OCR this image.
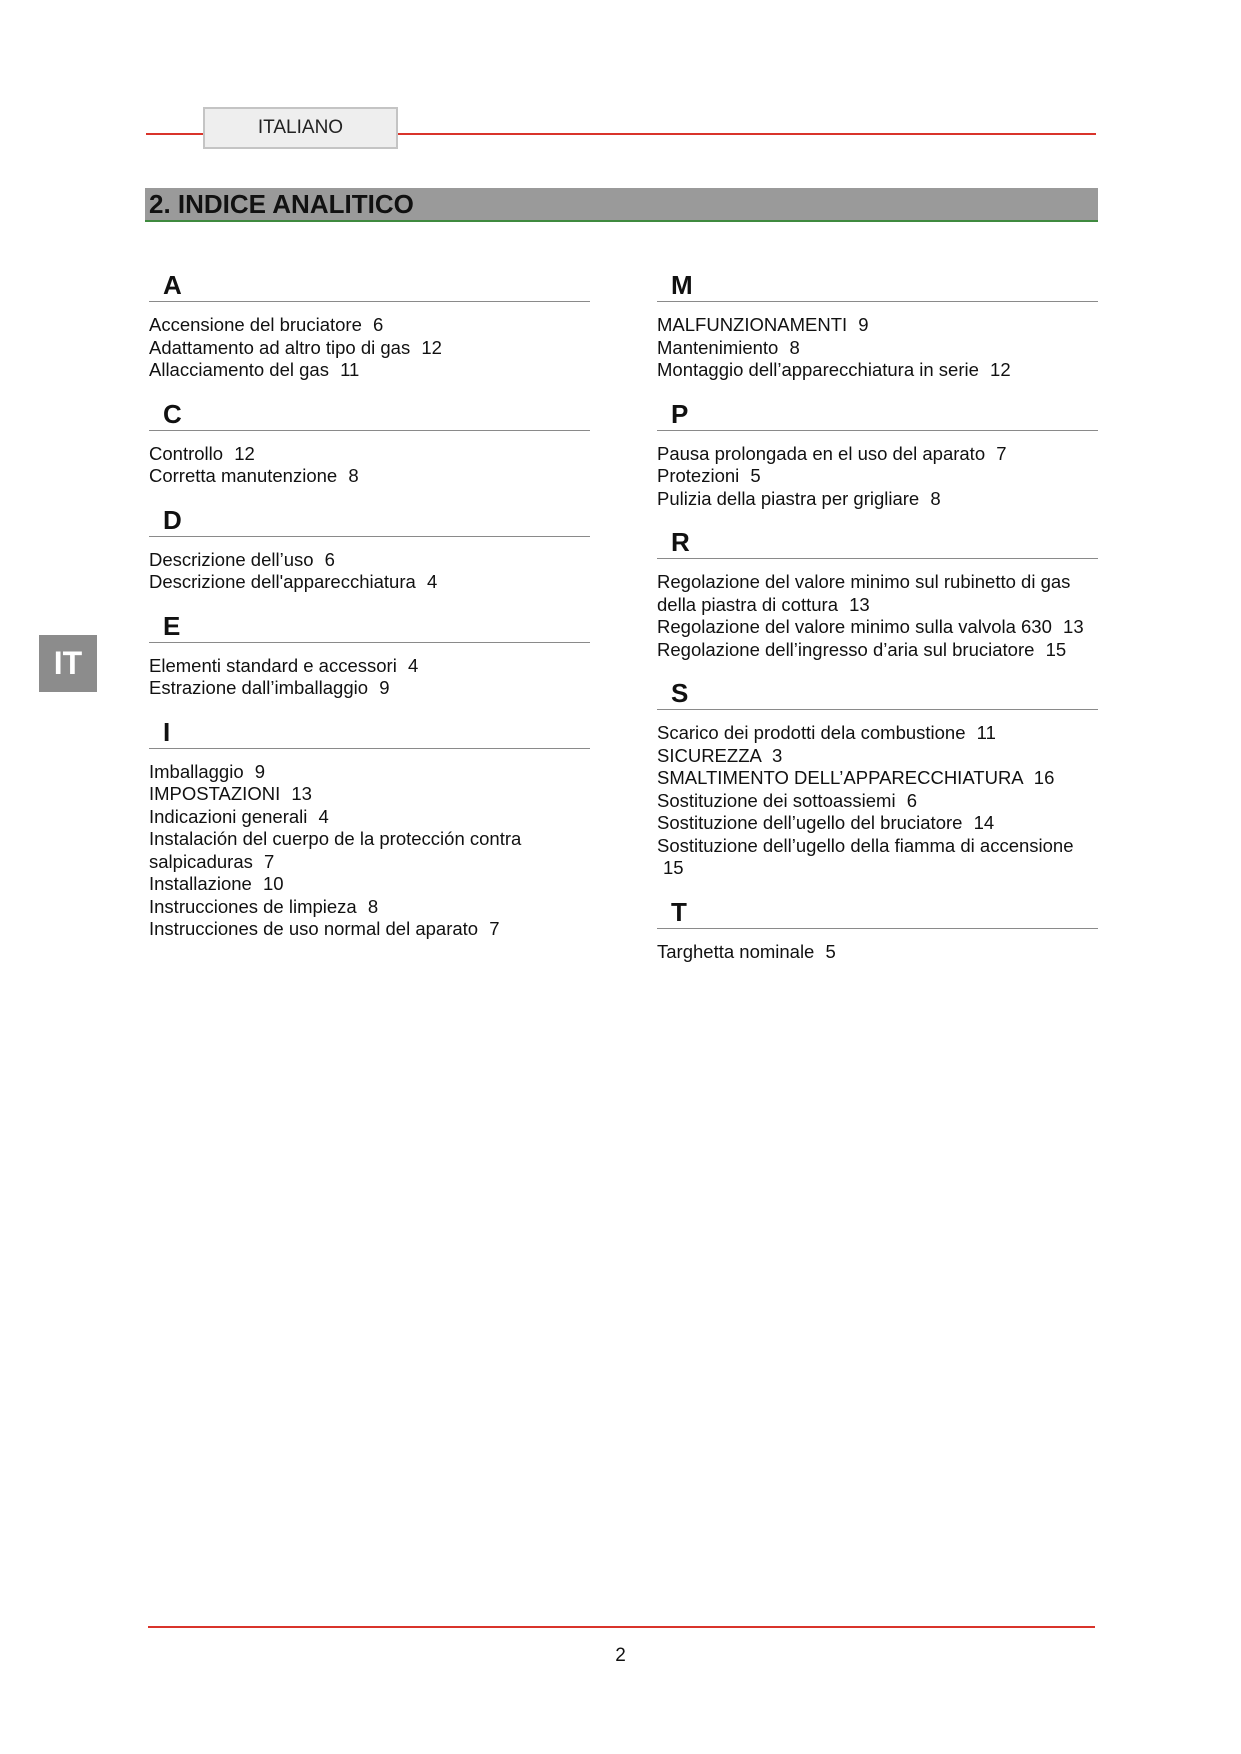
ITALIANO
2. INDICE ANALITICO
IT
A
Accensione del bruciatore 6
Adattamento ad altro tipo di gas 12
Allacciamento del gas 11
C
Controllo 12
Corretta manutenzione 8
D
Descrizione dell’uso 6
Descrizione dell'apparecchiatura 4
E
Elementi standard e accessori 4
Estrazione dall’imballaggio 9
I
Imballaggio 9
IMPOSTAZIONI 13
Indicazioni generali 4
Instalación del cuerpo de la protección contra salpicaduras 7
Installazione 10
Instrucciones de limpieza 8
Instrucciones de uso normal del aparato 7
M
MALFUNZIONAMENTI 9
Mantenimiento 8
Montaggio dell’apparecchiatura in serie 12
P
Pausa prolongada en el uso del aparato 7
Protezioni 5
Pulizia della piastra per grigliare 8
R
Regolazione del valore minimo sul rubinetto di gas della piastra di cottura 13
Regolazione del valore minimo sulla valvola 630 13
Regolazione dell’ingresso d’aria sul bruciatore 15
S
Scarico dei prodotti dela combustione 11
SICUREZZA 3
SMALTIMENTO DELL’APPARECCHIATURA 16
Sostituzione dei sottoassiemi 6
Sostituzione dell’ugello del bruciatore 14
Sostituzione dell’ugello della fiamma di accensione 15
T
Targhetta nominale 5
2
